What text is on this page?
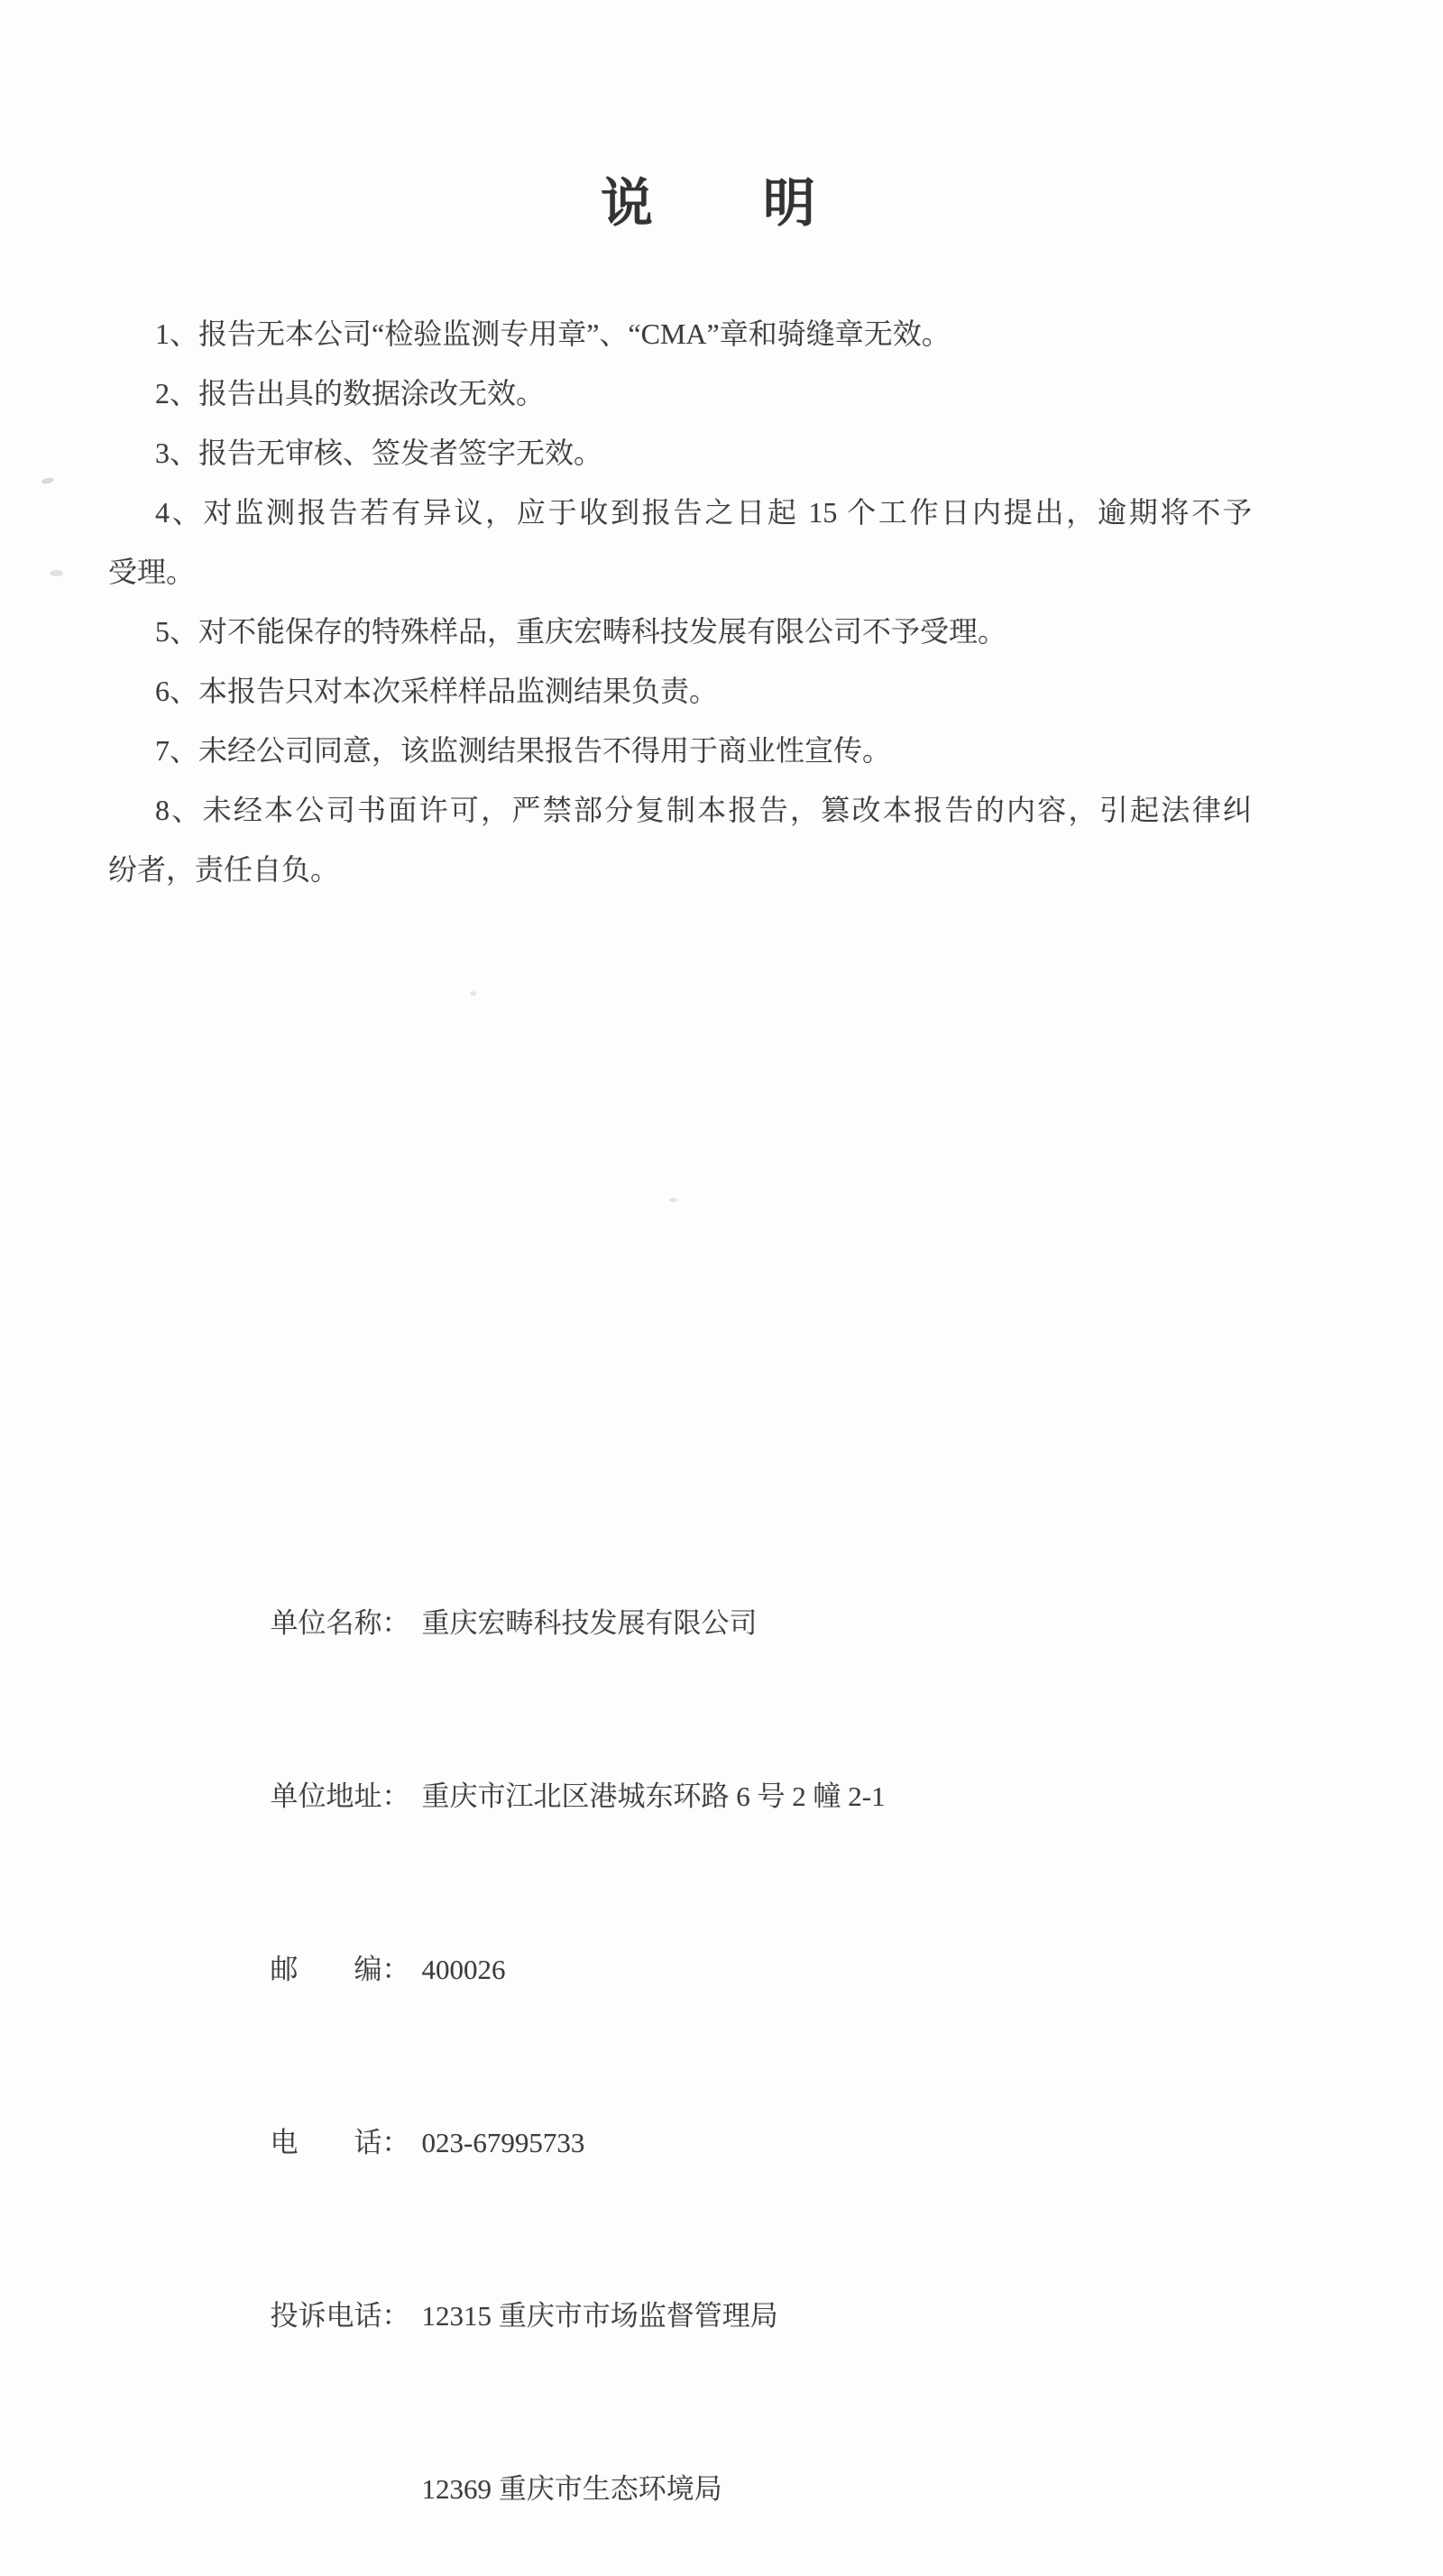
说　　明
1、报告无本公司“检验监测专用章”、“CMA”章和骑缝章无效。
2、报告出具的数据涂改无效。
3、报告无审核、签发者签字无效。
4、对监测报告若有异议，应于收到报告之日起 15 个工作日内提出，逾期将不予
受理。
5、对不能保存的特殊样品，重庆宏畴科技发展有限公司不予受理。
6、本报告只对本次采样样品监测结果负责。
7、未经公司同意，该监测结果报告不得用于商业性宣传。
8、未经本公司书面许可，严禁部分复制本报告，篡改本报告的内容，引起法律纠
纷者，责任自负。

单位名称： 重庆宏畴科技发展有限公司

单位地址： 重庆市江北区港城东环路 6 号 2 幢 2-1

邮　　编： 400026

电　　话： 023-67995733

投诉电话： 12315 重庆市市场监督管理局

12369 重庆市生态环境局
